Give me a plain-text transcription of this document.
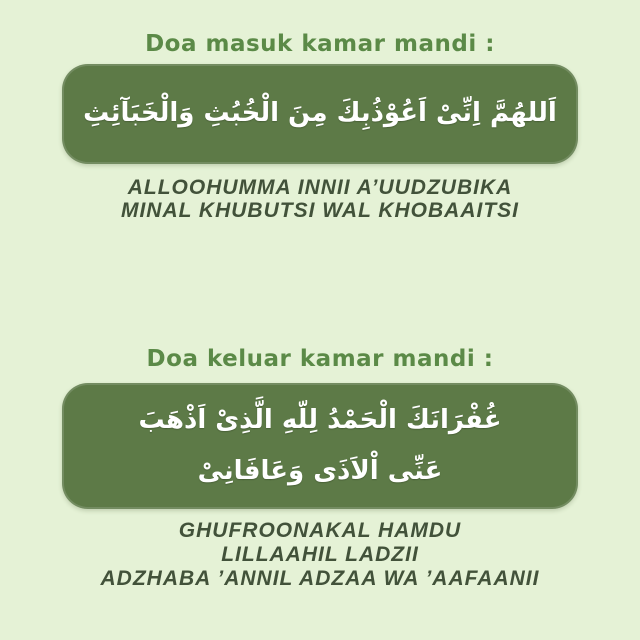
Doa masuk kamar mandi :
اَللهُمَّ اِنِّىْ اَعُوْذُبِكَ مِنَ الْخُبُثِ وَالْخَبَآئِثِ
ALLOOHUMMA INNII A’UUDZUBIKA
MINAL KHUBUTSI WAL KHOBAAITSI
Doa keluar kamar mandi :
غُفْرَانَكَ الْحَمْدُ لِلّهِ الَّذِىْ اَذْهَبَ
عَنِّى اْلاَذَى وَعَافَانِىْ
GHUFROONAKAL HAMDU
LILLAAHIL LADZII
ADZHABA ’ANNIL ADZAA WA ’AAFAANII
